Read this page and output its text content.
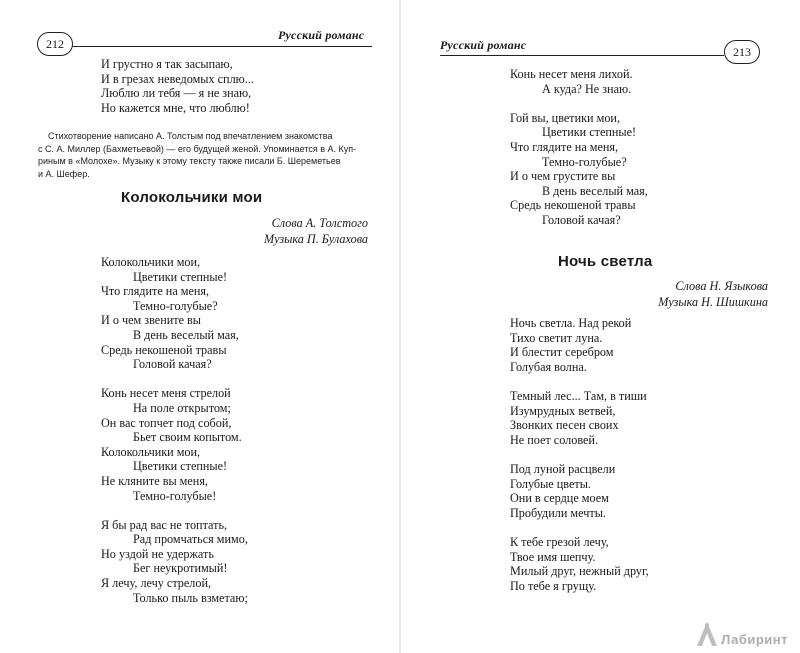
212
Русский романс
И грустно я так засыпаю,
И в грезах неведомых сплю...
Люблю ли тебя — я не знаю,
Но кажется мне, что люблю!
Стихотворение написано А. Толстым под впечатлением знакомства
с С. А. Миллер (Бахметьевой) — его будущей женой. Упоминается в А. Куп-
риным в «Молохе». Музыку к этому тексту также писали Б. Шереметьев
и А. Шефер.
Колокольчики мои
Слова А. Толстого
Музыка П. Булахова
Колокольчики мои,
Цветики степные!
Что глядите на меня,
Темно-голубые?
И о чем звените вы
В день веселый мая,
Средь некошеной травы
Головой качая?
Конь несет меня стрелой
На поле открытом;
Он вас топчет под собой,
Бьет своим копытом.
Колокольчики мои,
Цветики степные!
Не кляните вы меня,
Темно-голубые!
Я бы рад вас не топтать,
Рад промчаться мимо,
Но уздой не удержать
Бег неукротимый!
Я лечу, лечу стрелой,
Только пыль взметаю;
Русский романс	213
Конь несет меня лихой.
А куда? Не знаю.
Гой вы, цветики мои,
Цветики степные!
Что глядите на меня,
Темно-голубые?
И о чем грустите вы
В день веселый мая,
Средь некошеной травы
Головой качая?
Ночь светла
Слова Н. Языкова
Музыка Н. Шишкина
Ночь светла. Над рекой
Тихо светит луна.
И блестит серебром
Голубая волна.
Темный лес... Там, в тиши
Изумрудных ветвей,
Звонких песен своих
Не поет соловей.
Под луной расцвели
Голубые цветы.
Они в сердце моем
Пробудили мечты.
К тебе грезой лечу,
Твое имя шепчу.
Милый друг, нежный друг,
По тебе я грущу.
Лабиринт
